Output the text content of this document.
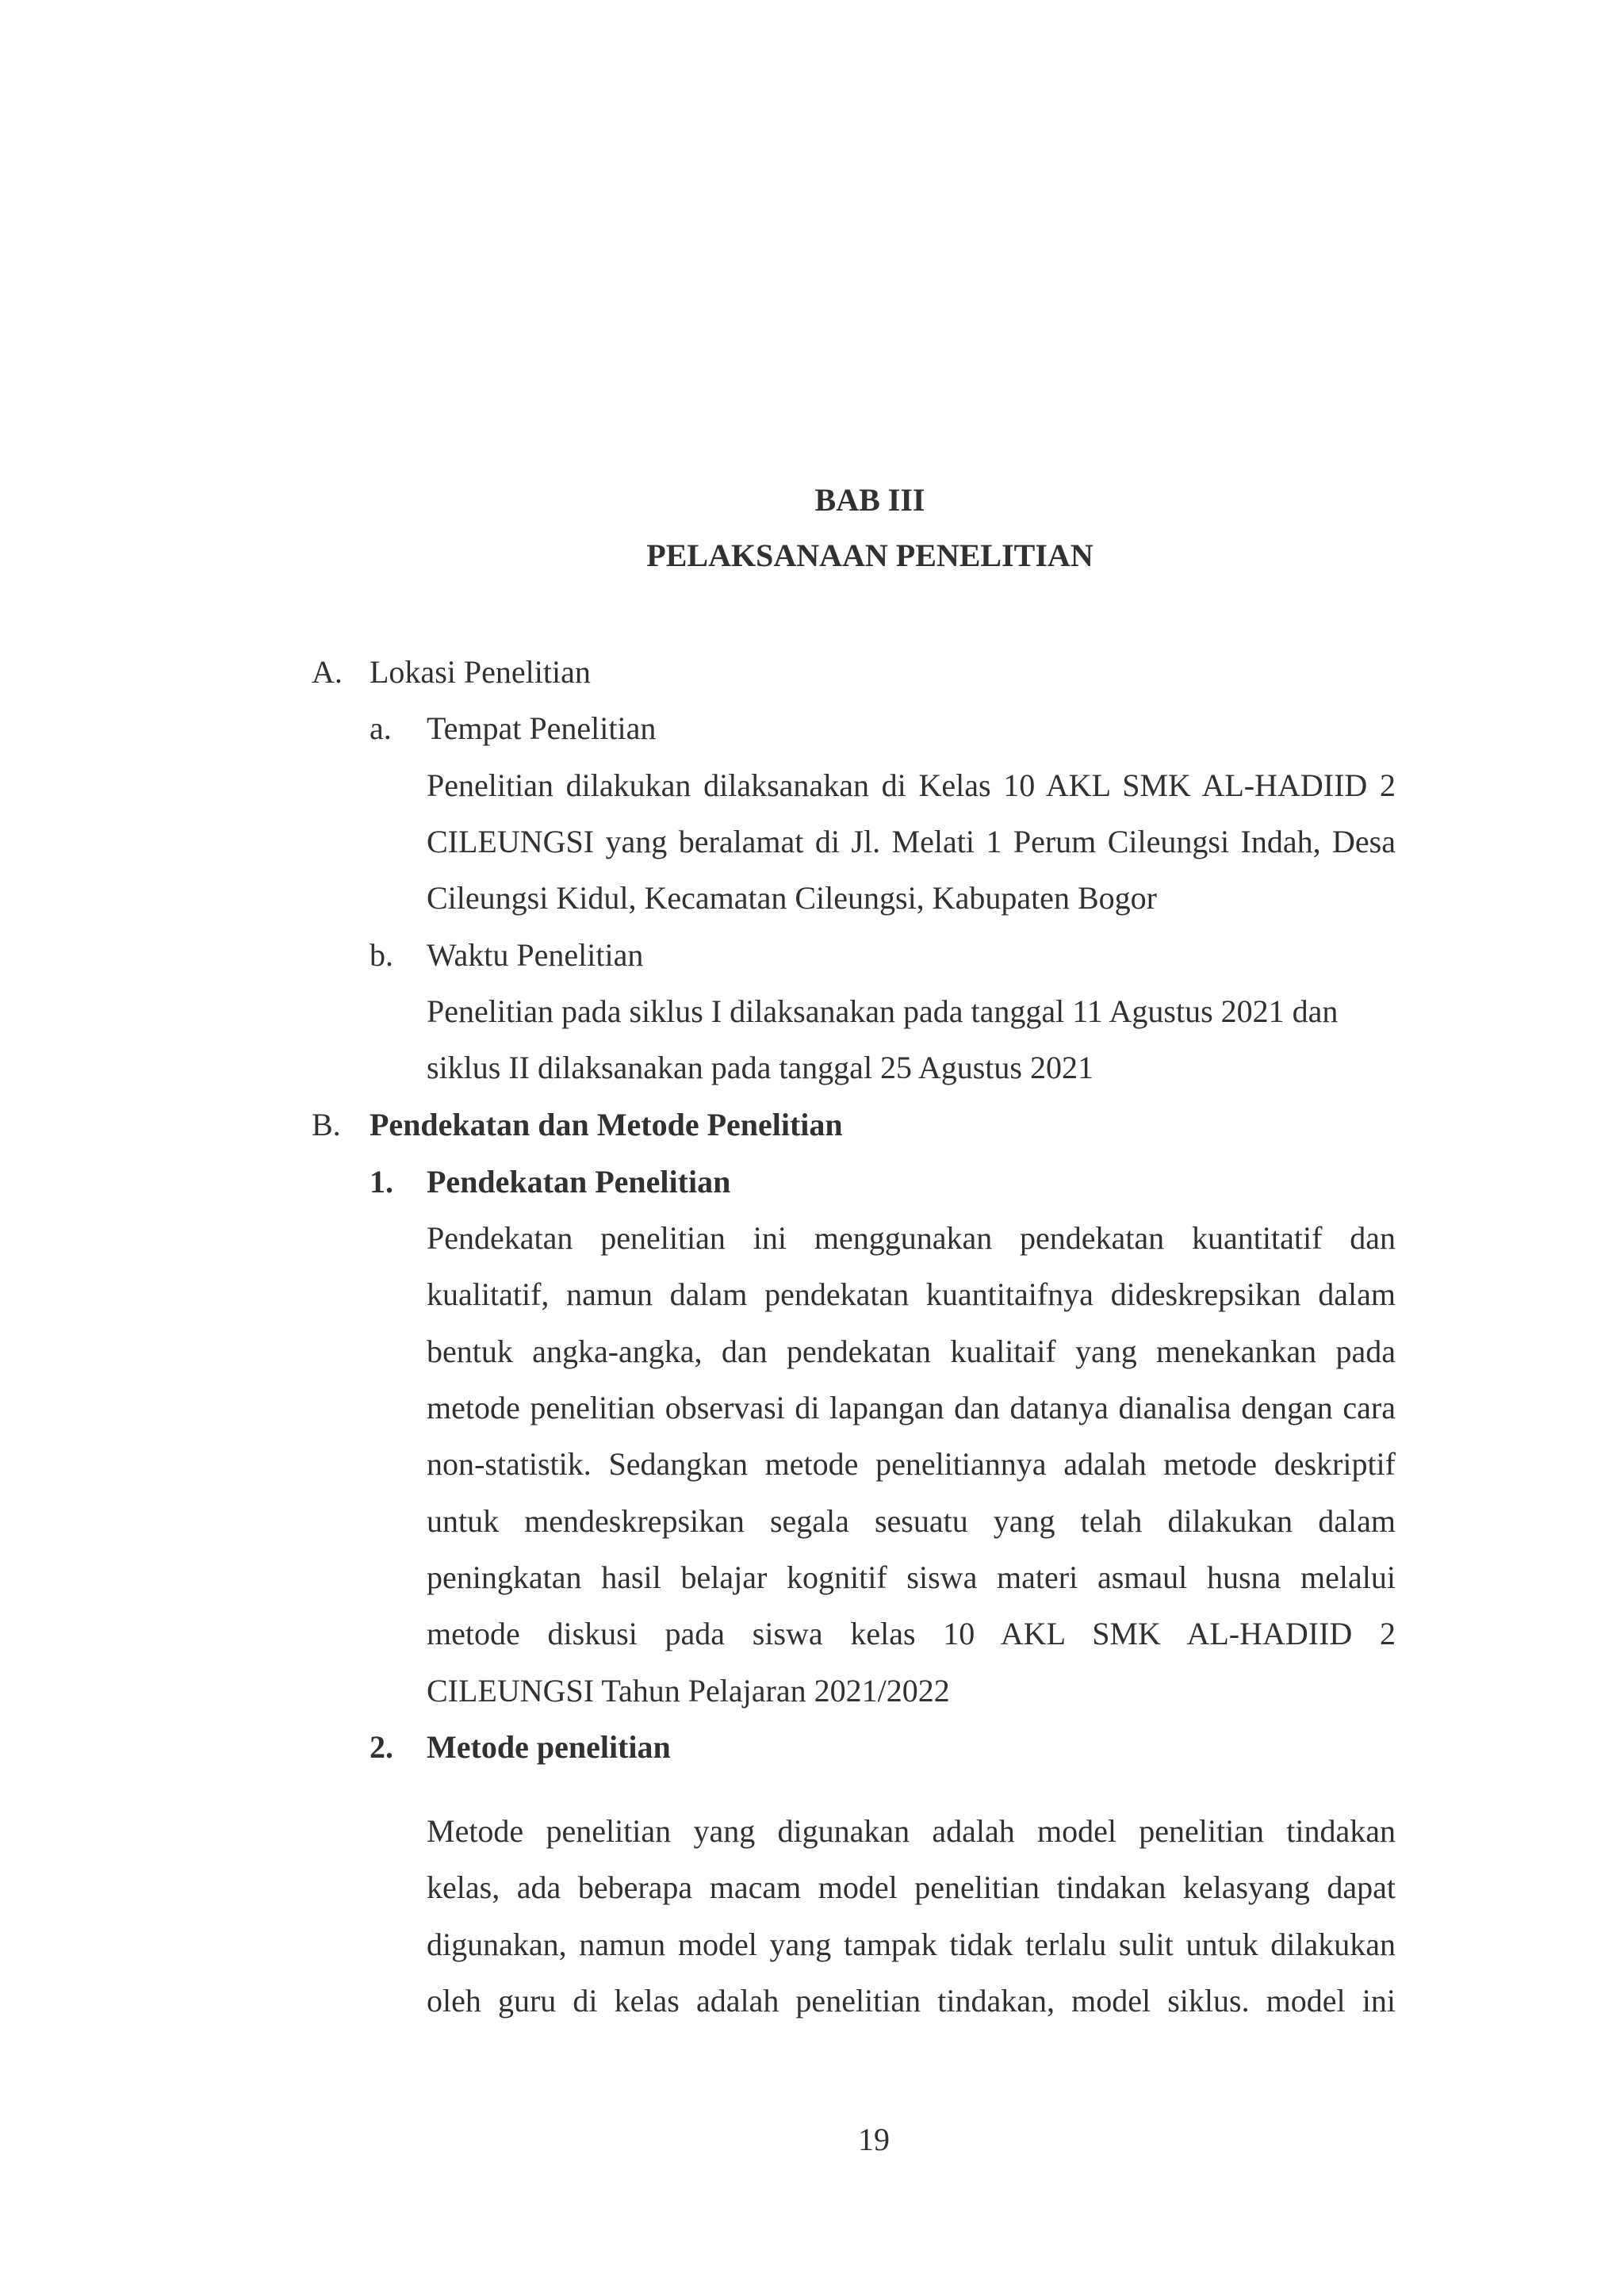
BAB III
PELAKSANAAN PENELITIAN
A. Lokasi Penelitian
a. Tempat Penelitian
Penelitian dilakukan dilaksanakan di Kelas 10 AKL SMK AL-HADIID 2
CILEUNGSI yang beralamat di Jl. Melati 1 Perum Cileungsi Indah, Desa
Cileungsi Kidul, Kecamatan Cileungsi, Kabupaten Bogor
b. Waktu Penelitian
Penelitian pada siklus I dilaksanakan pada tanggal 11 Agustus 2021 dan
siklus II dilaksanakan pada tanggal 25 Agustus 2021
B. Pendekatan dan Metode Penelitian
1. Pendekatan Penelitian
Pendekatan penelitian ini menggunakan pendekatan kuantitatif dan
kualitatif, namun dalam pendekatan kuantitaifnya dideskrepsikan dalam
bentuk angka-angka, dan pendekatan kualitaif yang menekankan pada
metode penelitian observasi di lapangan dan datanya dianalisa dengan cara
non-statistik. Sedangkan metode penelitiannya adalah metode deskriptif
untuk mendeskrepsikan segala sesuatu yang telah dilakukan dalam
peningkatan hasil belajar kognitif siswa materi asmaul husna melalui
metode diskusi pada siswa kelas 10 AKL SMK AL-HADIID 2
CILEUNGSI Tahun Pelajaran 2021/2022
2. Metode penelitian
Metode penelitian yang digunakan adalah model penelitian tindakan
kelas, ada beberapa macam model penelitian tindakan kelasyang dapat
digunakan, namun model yang tampak tidak terlalu sulit untuk dilakukan
oleh guru di kelas adalah penelitian tindakan, model siklus. model ini
19
